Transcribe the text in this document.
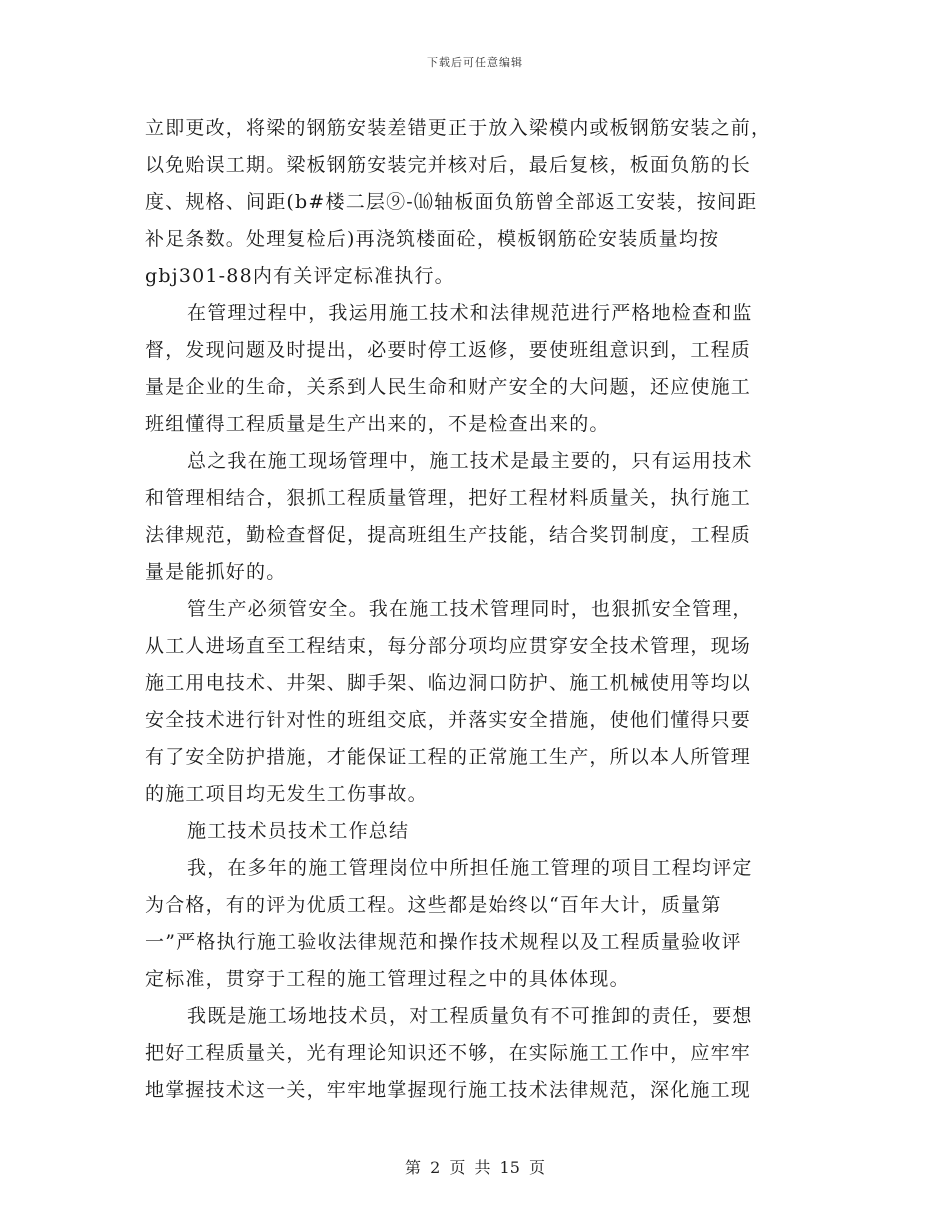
下载后可任意编辑
立即更改，将梁的钢筋安装差错更正于放入梁模内或板钢筋安装之前，
以免贻误工期。梁板钢筋安装完并核对后，最后复核，板面负筋的长
度、规格、间距(b#楼二层⑨-⒃轴板面负筋曾全部返工安装，按间距
补足条数。处理复检后)再浇筑楼面砼，模板钢筋砼安装质量均按
gbj301-88内有关评定标准执行。
在管理过程中，我运用施工技术和法律规范进行严格地检查和监
督，发现问题及时提出，必要时停工返修，要使班组意识到，工程质
量是企业的生命，关系到人民生命和财产安全的大问题，还应使施工
班组懂得工程质量是生产出来的，不是检查出来的。
总之我在施工现场管理中，施工技术是最主要的，只有运用技术
和管理相结合，狠抓工程质量管理，把好工程材料质量关，执行施工
法律规范，勤检查督促，提高班组生产技能，结合奖罚制度，工程质
量是能抓好的。
管生产必须管安全。我在施工技术管理同时，也狠抓安全管理，
从工人进场直至工程结束，每分部分项均应贯穿安全技术管理，现场
施工用电技术、井架、脚手架、临边洞口防护、施工机械使用等均以
安全技术进行针对性的班组交底，并落实安全措施，使他们懂得只要
有了安全防护措施，才能保证工程的正常施工生产，所以本人所管理
的施工项目均无发生工伤事故。
施工技术员技术工作总结
我，在多年的施工管理岗位中所担任施工管理的项目工程均评定
为合格，有的评为优质工程。这些都是始终以“百年大计，质量第
一”严格执行施工验收法律规范和操作技术规程以及工程质量验收评
定标准，贯穿于工程的施工管理过程之中的具体体现。
我既是施工场地技术员，对工程质量负有不可推卸的责任，要想
把好工程质量关，光有理论知识还不够，在实际施工工作中，应牢牢
地掌握技术这一关，牢牢地掌握现行施工技术法律规范，深化施工现
第 2 页 共 15 页
